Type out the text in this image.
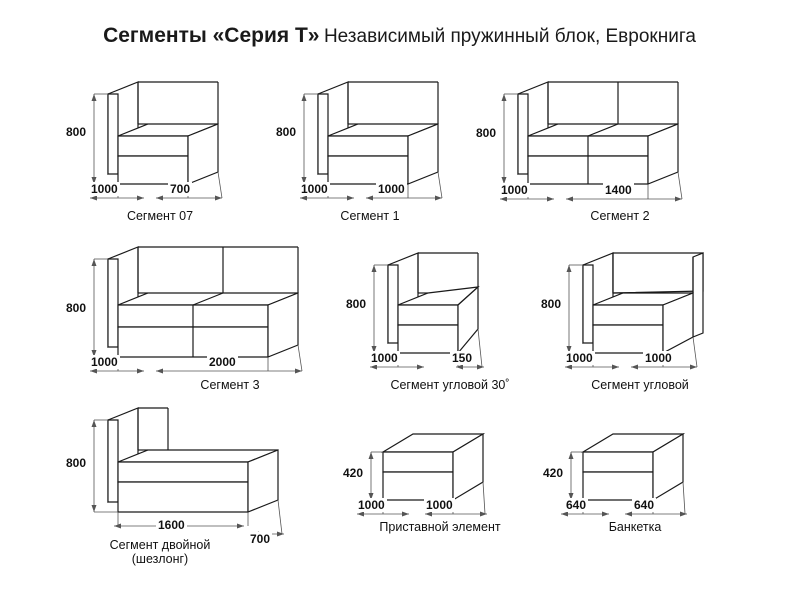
Сегменты «Серия Т» Независимый пружинный блок, Еврокнига
800
1000	700
Сегмент 07
800
1000	1000
Сегмент 1
800
1000	1400
Сегмент 2
800
1000	2000
Сегмент 3
800
1000	150
Сегмент угловой 30˚
800
1000	1000
Сегмент угловой
800
1600
700
Сегмент двойной
(шезлонг)
420
1000	1000
Приставной элемент
420
640	640
Банкетка
